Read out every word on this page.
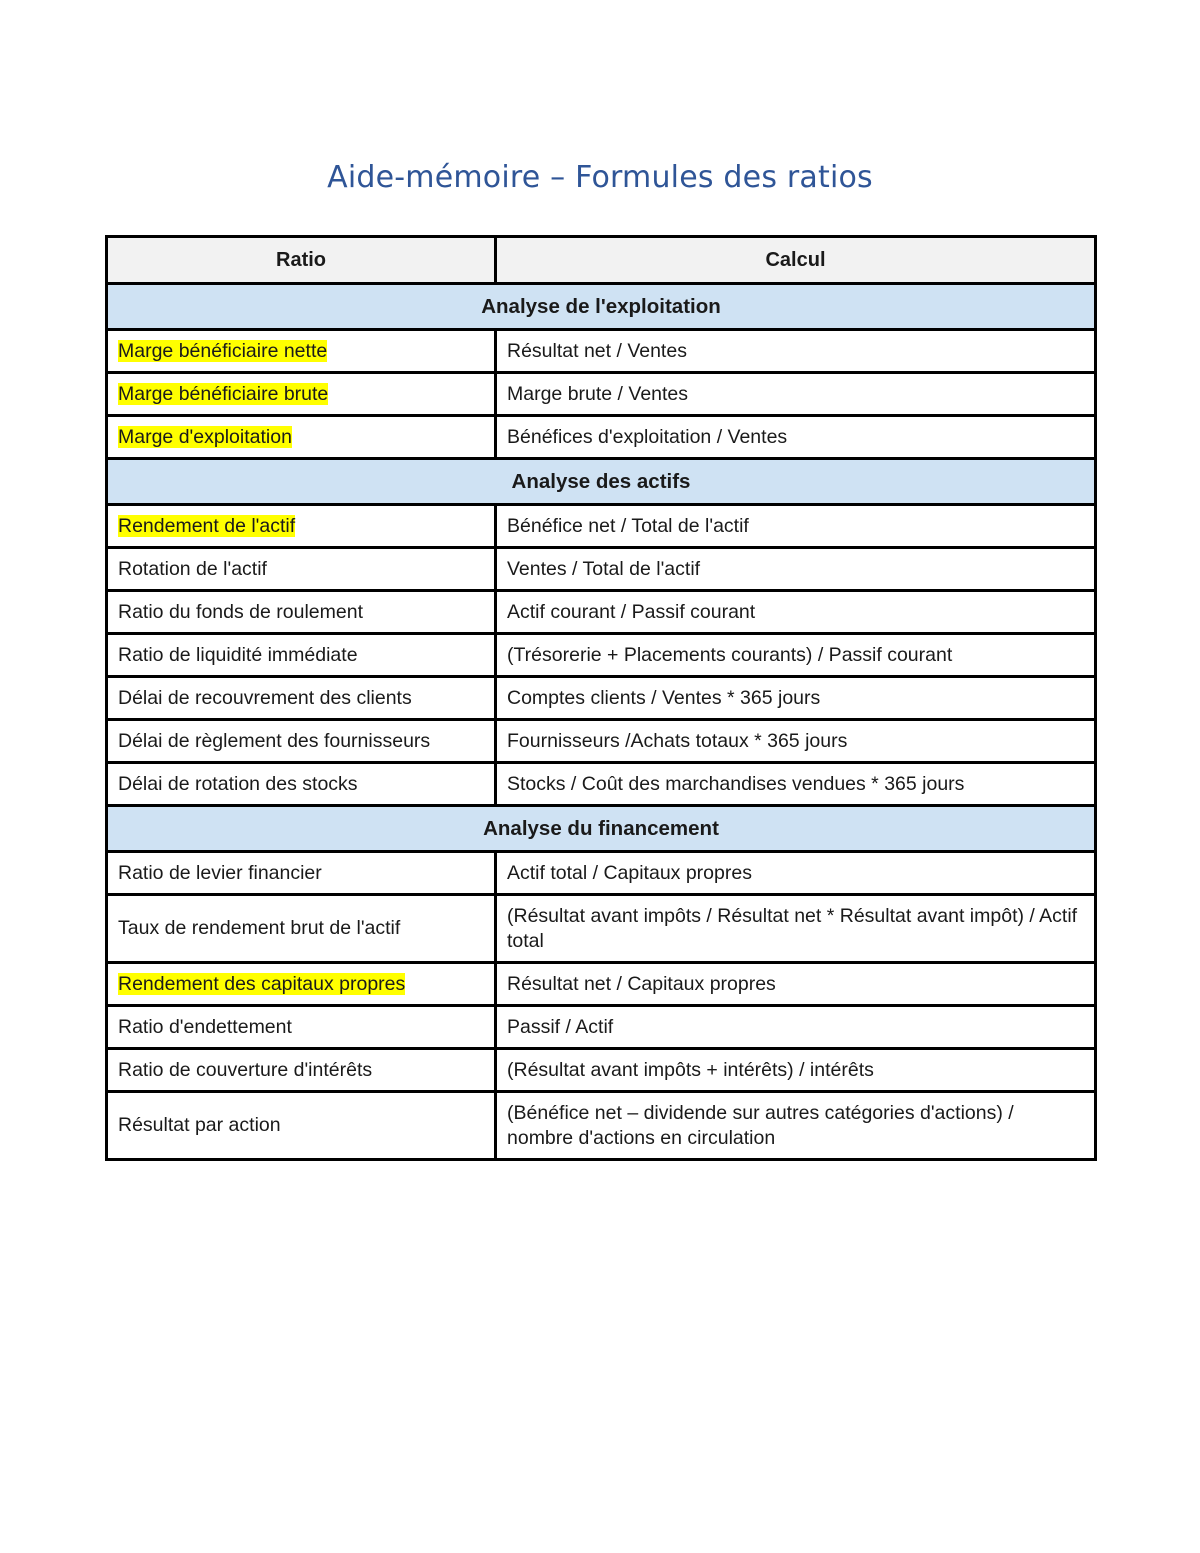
Aide-mémoire – Formules des ratios
Ratio	Calcul
Analyse de l'exploitation	
Marge bénéficiaire nette	Résultat net / Ventes
Marge bénéficiaire brute	Marge brute / Ventes
Marge d'exploitation	Bénéfices d'exploitation / Ventes
Analyse des actifs	
Rendement de l'actif	Bénéfice net / Total de l'actif
Rotation de l'actif	Ventes / Total de l'actif
Ratio du fonds de roulement	Actif courant / Passif courant
Ratio de liquidité immédiate	(Trésorerie + Placements courants) / Passif courant
Délai de recouvrement des clients	Comptes clients / Ventes * 365 jours
Délai de règlement des fournisseurs	Fournisseurs /Achats totaux * 365 jours
Délai de rotation des stocks	Stocks / Coût des marchandises vendues * 365 jours
Analyse du financement	
Ratio de levier financier	Actif total / Capitaux propres
Taux de rendement brut de l'actif	(Résultat avant impôts / Résultat net * Résultat avant impôt) / Actif total
Rendement des capitaux propres	Résultat net / Capitaux propres
Ratio d'endettement	Passif / Actif
Ratio de couverture d'intérêts	(Résultat avant impôts + intérêts) / intérêts
Résultat par action	(Bénéfice net – dividende sur autres catégories d'actions) / nombre d'actions en circulation
